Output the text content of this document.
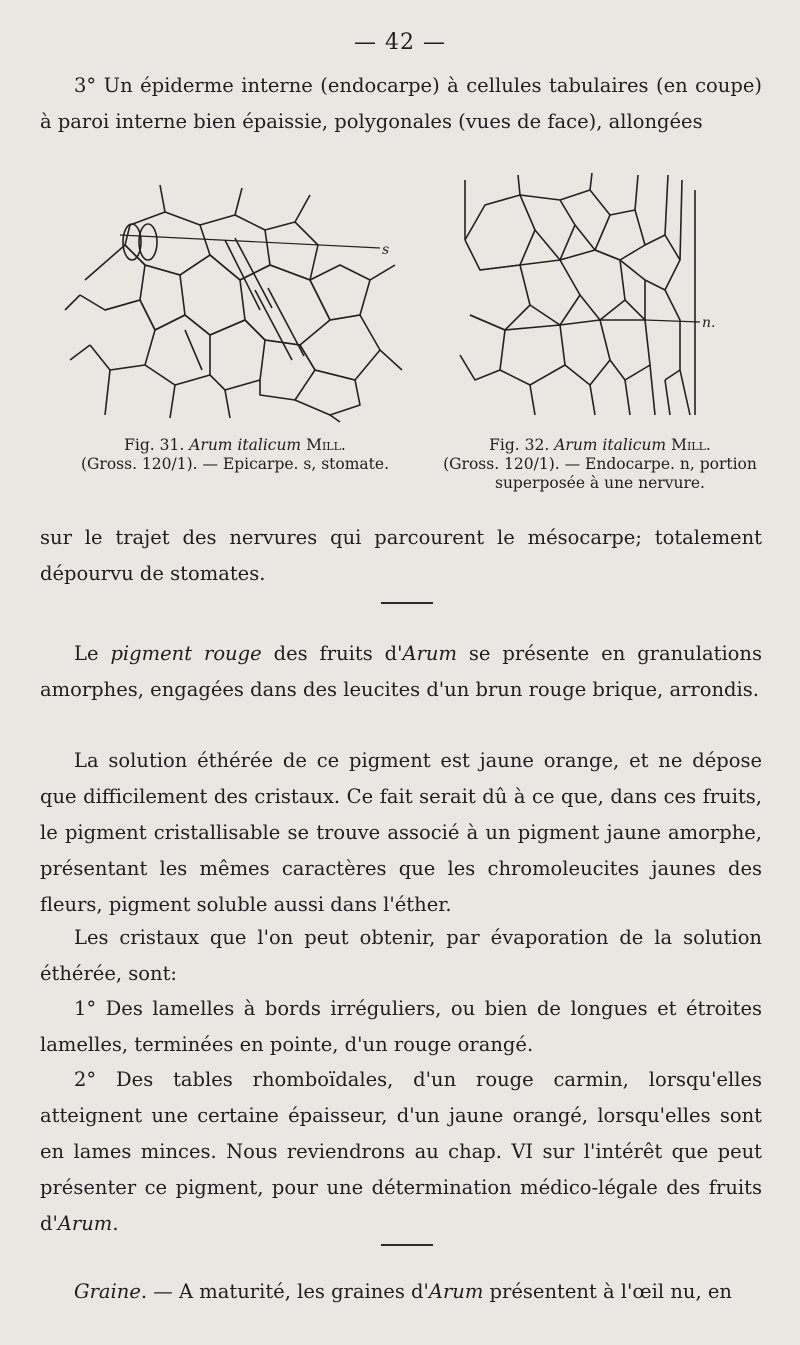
— 42 —

3° Un épiderme interne (endocarpe) à cellules tabulaires (en coupe) à paroi interne bien épaissie, polygonales (vues de face), allongées

s
n.
Fig. 31. Arum italicum Mill.
(Gross. 120/1). — Epicarpe. s, stomate.
Fig. 32. Arum italicum Mill.
(Gross. 120/1). — Endocarpe. n, portion superposée à une nervure.

sur le trajet des nervures qui parcourent le mésocarpe; totalement dépourvu de stomates.

Le pigment rouge des fruits d'Arum se présente en granulations amorphes, engagées dans des leucites d'un brun rouge brique, arrondis.

La solution éthérée de ce pigment est jaune orange, et ne dépose que difficilement des cristaux. Ce fait serait dû à ce que, dans ces fruits, le pigment cristallisable se trouve associé à un pigment jaune amorphe, présentant les mêmes caractères que les chromoleucites jaunes des fleurs, pigment soluble aussi dans l'éther.

Les cristaux que l'on peut obtenir, par évaporation de la solution éthérée, sont:

1° Des lamelles à bords irréguliers, ou bien de longues et étroites lamelles, terminées en pointe, d'un rouge orangé.

2° Des tables rhomboïdales, d'un rouge carmin, lorsqu'elles atteignent une certaine épaisseur, d'un jaune orangé, lorsqu'elles sont en lames minces. Nous reviendrons au chap. VI sur l'intérêt que peut présenter ce pigment, pour une détermination médico-légale des fruits d'Arum.

Graine. — A maturité, les graines d'Arum présentent à l'œil nu, en
